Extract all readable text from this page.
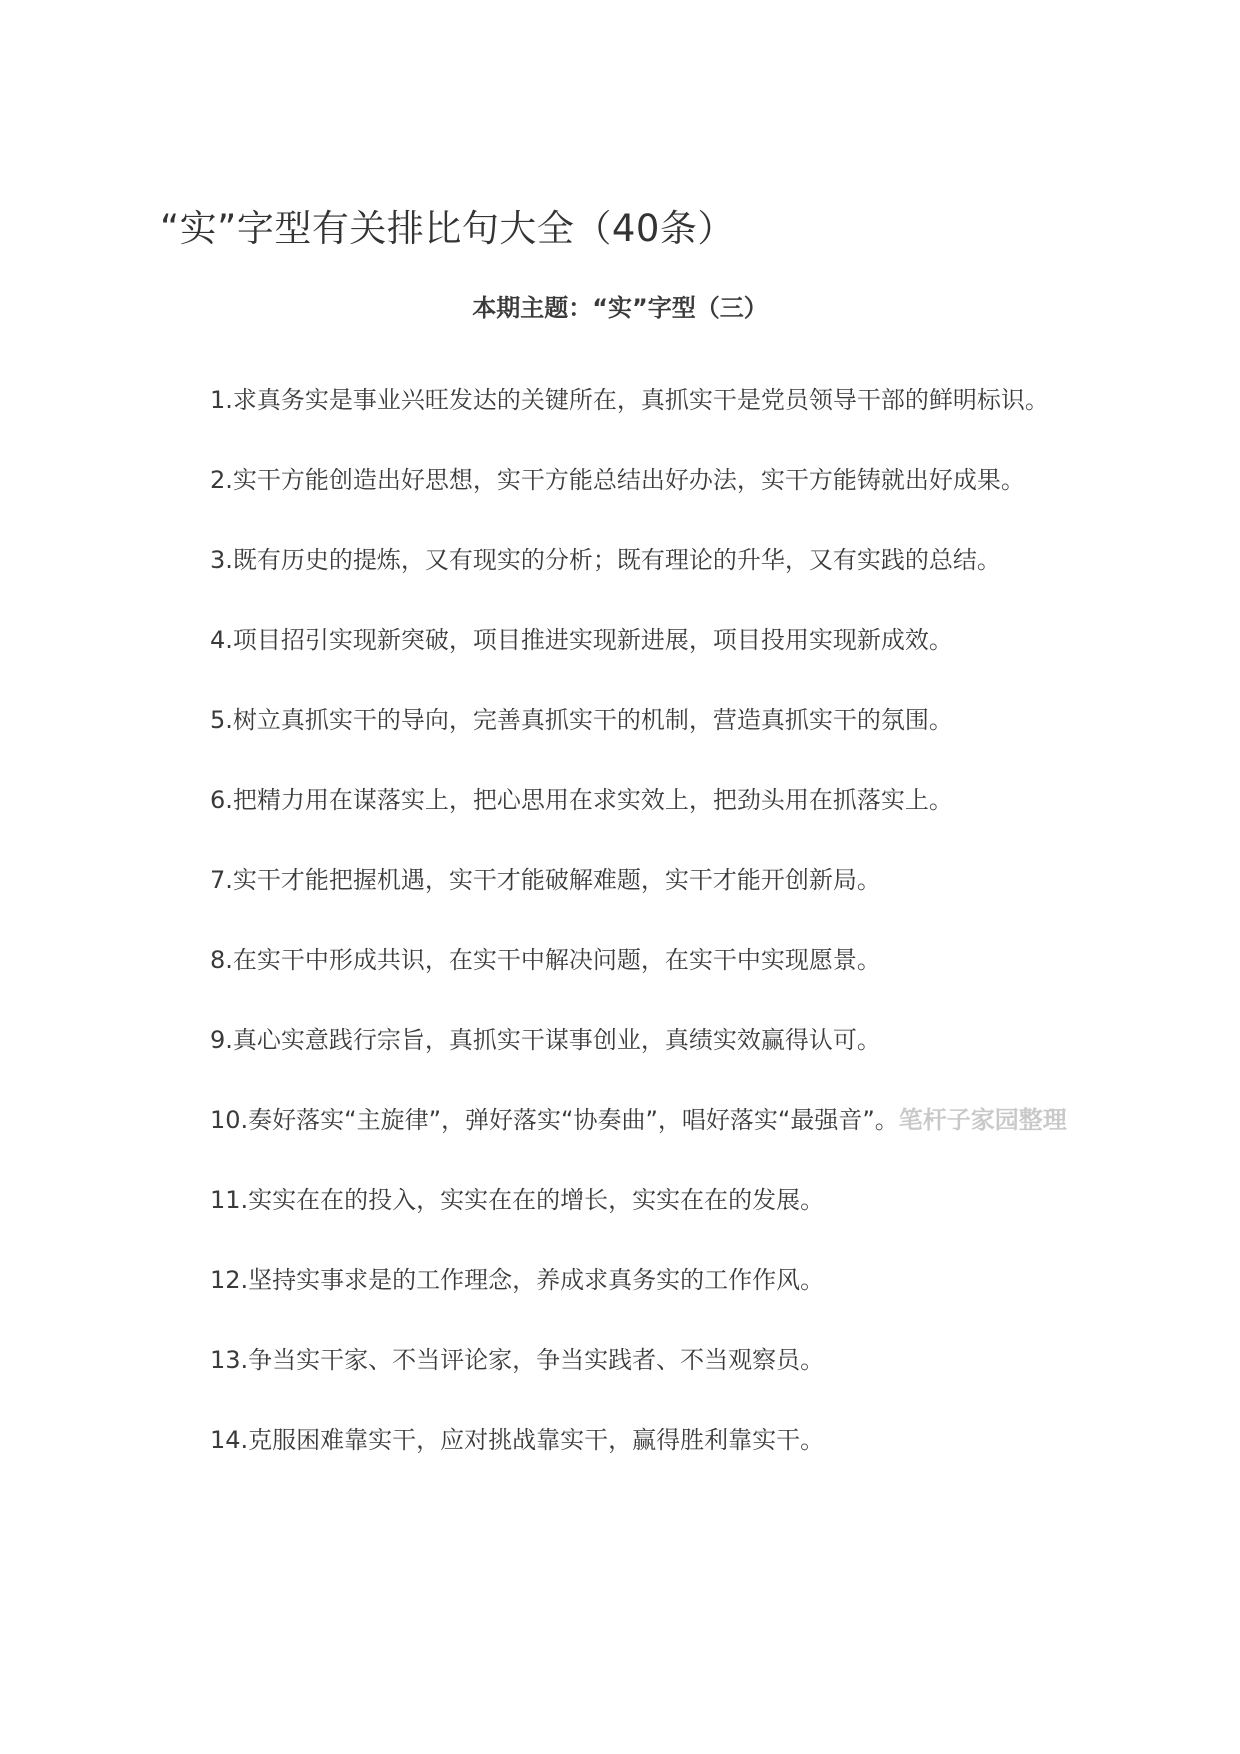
“实”字型有关排比句大全（40条）

本期主题：“实”字型（三）

1.求真务实是事业兴旺发达的关键所在，真抓实干是党员领导干部的鲜明标识。
2.实干方能创造出好思想，实干方能总结出好办法，实干方能铸就出好成果。
3.既有历史的提炼，又有现实的分析；既有理论的升华，又有实践的总结。
4.项目招引实现新突破，项目推进实现新进展，项目投用实现新成效。
5.树立真抓实干的导向，完善真抓实干的机制，营造真抓实干的氛围。
6.把精力用在谋落实上，把心思用在求实效上，把劲头用在抓落实上。
7.实干才能把握机遇，实干才能破解难题，实干才能开创新局。
8.在实干中形成共识，在实干中解决问题，在实干中实现愿景。
9.真心实意践行宗旨，真抓实干谋事创业，真绩实效赢得认可。
10.奏好落实“主旋律”，弹好落实“协奏曲”，唱好落实“最强音”。笔杆子家园整理
11.实实在在的投入，实实在在的增长，实实在在的发展。
12.坚持实事求是的工作理念，养成求真务实的工作作风。
13.争当实干家、不当评论家，争当实践者、不当观察员。
14.克服困难靠实干，应对挑战靠实干，赢得胜利靠实干。
